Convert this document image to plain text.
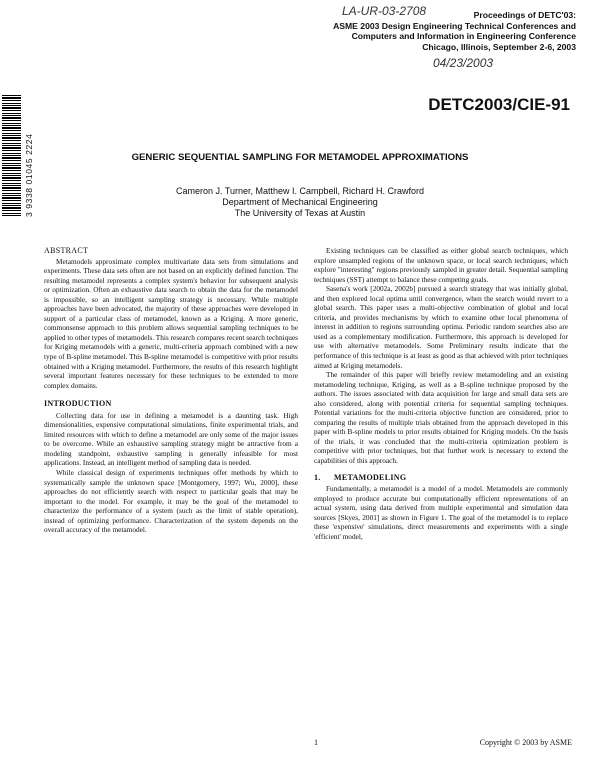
LA-UR-03-2708
04/23/2003
Proceedings of DETC'03:
ASME 2003 Design Engineering Technical Conferences and
Computers and Information in Engineering Conference
Chicago, Illinois, September 2-6, 2003
DETC2003/CIE-91
3 9338 01045 2224	GENERIC SEQUENTIAL SAMPLING FOR METAMODEL APPROXIMATIONS
Cameron J. Turner, Matthew I. Campbell, Richard H. Crawford
Department of Mechanical Engineering
The University of Texas at Austin
ABSTRACT

Metamodels approximate complex multivariate data sets from simulations and experiments. These data sets often are not based on an explicitly defined function. The resulting metamodel represents a complex system's behavior for subsequent analysis or optimization. Often an exhaustive data search to obtain the data for the metamodel is impossible, so an intelligent sampling strategy is necessary. While multiple approaches have been advocated, the majority of these approaches were developed in support of a particular class of metamodel, known as a Kriging. A more generic, commonsense approach to this problem allows sequential sampling techniques to be applied to other types of metamodels. This research compares recent search techniques for Kriging metamodels with a generic, multi-criteria approach combined with a new type of B-spline metamodel. This B-spline metamodel is competitive with prior results obtained with a Kriging metamodel. Furthermore, the results of this research highlight several important features necessary for these techniques to be extended to more complex domains.

INTRODUCTION

Collecting data for use in defining a metamodel is a daunting task. High dimensionalities, expensive computational simulations, finite experimental trials, and limited resources with which to define a metamodel are only some of the major issues to be overcome. While an exhaustive sampling strategy might be attractive from a modeling standpoint, exhaustive sampling is generally infeasible for most applications. Instead, an intelligent method of sampling data is needed.

While classical design of experiments techniques offer methods by which to systematically sample the unknown space [Montgomery, 1997; Wu, 2000], these approaches do not efficiently search with respect to particular goals that may be important to the model. For example, it may be the goal of the metamodel to characterize the performance of a system (such as the limit of stable operation), instead of optimizing performance. Characterization of the system depends on the overall accuracy of the metamodel.

Existing techniques can be classified as either global search techniques, which explore unsampled regions of the unknown space, or local search techniques, which explore "interesting" regions previously sampled in greater detail. Sequential sampling techniques (SST) attempt to balance these competing goals.

Sasena's work [2002a, 2002b] pursued a search strategy that was initially global, and then explored local optima until convergence, when the search would revert to a global search. This paper uses a multi-objective combination of global and local criteria, and provides mechanisms by which to examine other local phenomena of interest in addition to regions surrounding optima. Periodic random searches also are used as a complementary modification. Furthermore, this approach is developed for use with alternative metamodels. Some Preliminary results indicate that the performance of this technique is at least as good as that achieved with prior techniques aimed at Kriging metamodels.

The remainder of this paper will briefly review metamodeling and an existing metamodeling technique, Kriging, as well as a B-spline technique proposed by the authors. The issues associated with data acquisition for large and small data sets are also considered, along with potential criteria for sequential sampling techniques. Potential variations for the multi-criteria objective function are considered, prior to comparing the results of multiple trials obtained from the approach developed in this paper with B-spline models to prior results obtained for Kriging models. On the basis of the trials, it was concluded that the multi-criteria optimization problem is competitive with prior techniques, but that further work is necessary to extend the capabilities of this approach.

1. METAMODELING

Fundamentally, a metamodel is a model of a model. Metamodels are commonly employed to produce accurate but computationally efficient representations of an actual system, using data derived from multiple experimental and simulation data sources [Skyes, 2001] as shown in Figure 1. The goal of the metamodel is to replace these 'expensive' simulations, direct measurements and experiments with a single 'efficient' model,

1	Copyright © 2003 by ASME
